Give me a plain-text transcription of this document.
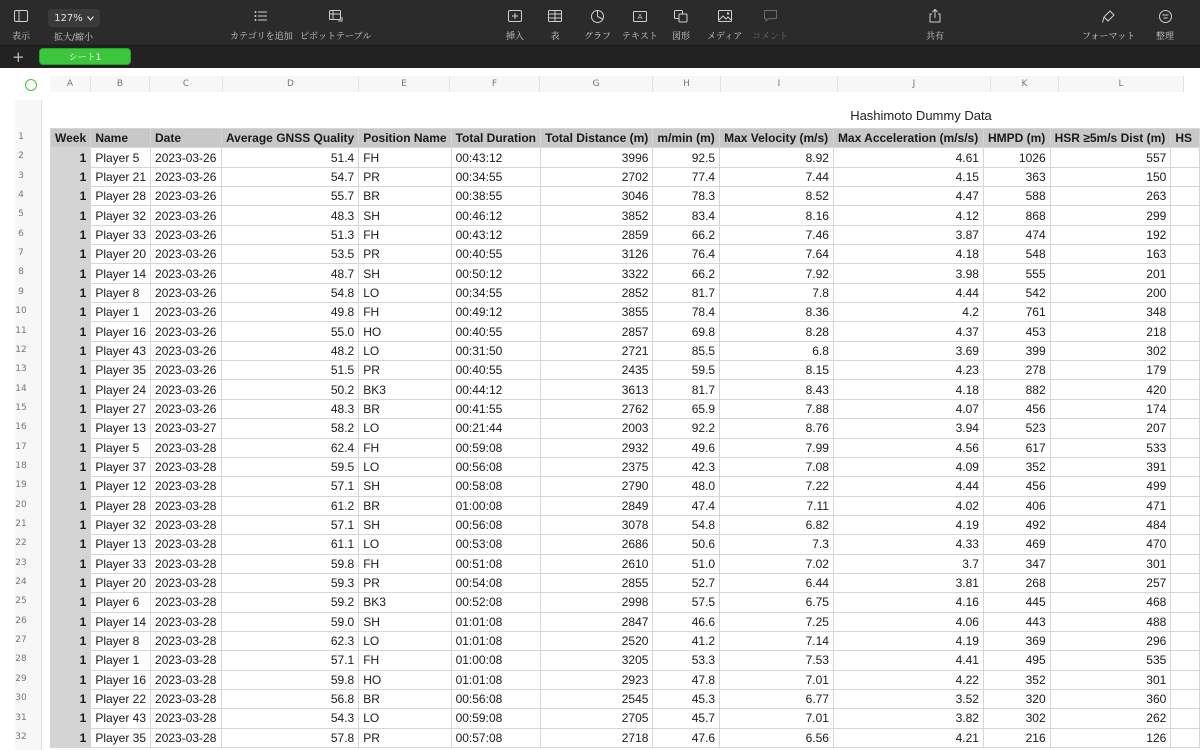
表示
127%
拡大/縮小	カテゴリを追加 ピボットテーブル	挿入	表	グラフ
A
テキスト 図形 メディア コメント	共有	フォーマット 整理
+	シート1
A	B	C	D	E	F	G	H	I	J	K	L
1
2
3
4
5
6
7
8
9
10
11
12
13
14
15
16
17
18
19
20
21
22
23
24
25
26
27
28
29
30
31
32
Hashimoto Dummy Data
Week	Name	Date	Average GNSS Quality	Position Name	Total Duration	Total Distance (m)	m/min (m)	Max Velocity (m/s)	Max Acceleration (m/s/s)	HMPD (m)	HSR ≥5m/s Dist (m)	HS
1	Player 5	2023-03-26	51.4	FH	00:43:12	3996	92.5	8.92	4.61	1026	557	
1	Player 21	2023-03-26	54.7	PR	00:34:55	2702	77.4	7.44	4.15	363	150	
1	Player 28	2023-03-26	55.7	BR	00:38:55	3046	78.3	8.52	4.47	588	263	
1	Player 32	2023-03-26	48.3	SH	00:46:12	3852	83.4	8.16	4.12	868	299	
1	Player 33	2023-03-26	51.3	FH	00:43:12	2859	66.2	7.46	3.87	474	192	
1	Player 20	2023-03-26	53.5	PR	00:40:55	3126	76.4	7.64	4.18	548	163	
1	Player 14	2023-03-26	48.7	SH	00:50:12	3322	66.2	7.92	3.98	555	201	
1	Player 8	2023-03-26	54.8	LO	00:34:55	2852	81.7	7.8	4.44	542	200	
1	Player 1	2023-03-26	49.8	FH	00:49:12	3855	78.4	8.36	4.2	761	348	
1	Player 16	2023-03-26	55.0	HO	00:40:55	2857	69.8	8.28	4.37	453	218	
1	Player 43	2023-03-26	48.2	LO	00:31:50	2721	85.5	6.8	3.69	399	302	
1	Player 35	2023-03-26	51.5	PR	00:40:55	2435	59.5	8.15	4.23	278	179	
1	Player 24	2023-03-26	50.2	BK3	00:44:12	3613	81.7	8.43	4.18	882	420	
1	Player 27	2023-03-26	48.3	BR	00:41:55	2762	65.9	7.88	4.07	456	174	
1	Player 13	2023-03-27	58.2	LO	00:21:44	2003	92.2	8.76	3.94	523	207	
1	Player 5	2023-03-28	62.4	FH	00:59:08	2932	49.6	7.99	4.56	617	533	
1	Player 37	2023-03-28	59.5	LO	00:56:08	2375	42.3	7.08	4.09	352	391	
1	Player 12	2023-03-28	57.1	SH	00:58:08	2790	48.0	7.22	4.44	456	499	
1	Player 28	2023-03-28	61.2	BR	01:00:08	2849	47.4	7.11	4.02	406	471	
1	Player 32	2023-03-28	57.1	SH	00:56:08	3078	54.8	6.82	4.19	492	484	
1	Player 13	2023-03-28	61.1	LO	00:53:08	2686	50.6	7.3	4.33	469	470	
1	Player 33	2023-03-28	59.8	FH	00:51:08	2610	51.0	7.02	3.7	347	301	
1	Player 20	2023-03-28	59.3	PR	00:54:08	2855	52.7	6.44	3.81	268	257	
1	Player 6	2023-03-28	59.2	BK3	00:52:08	2998	57.5	6.75	4.16	445	468	
1	Player 14	2023-03-28	59.0	SH	01:01:08	2847	46.6	7.25	4.06	443	488	
1	Player 8	2023-03-28	62.3	LO	01:01:08	2520	41.2	7.14	4.19	369	296	
1	Player 1	2023-03-28	57.1	FH	01:00:08	3205	53.3	7.53	4.41	495	535	
1	Player 16	2023-03-28	59.8	HO	01:01:08	2923	47.8	7.01	4.22	352	301	
1	Player 22	2023-03-28	56.8	BR	00:56:08	2545	45.3	6.77	3.52	320	360	
1	Player 43	2023-03-28	54.3	LO	00:59:08	2705	45.7	7.01	3.82	302	262	
1	Player 35	2023-03-28	57.8	PR	00:57:08	2718	47.6	6.56	4.21	216	126	
